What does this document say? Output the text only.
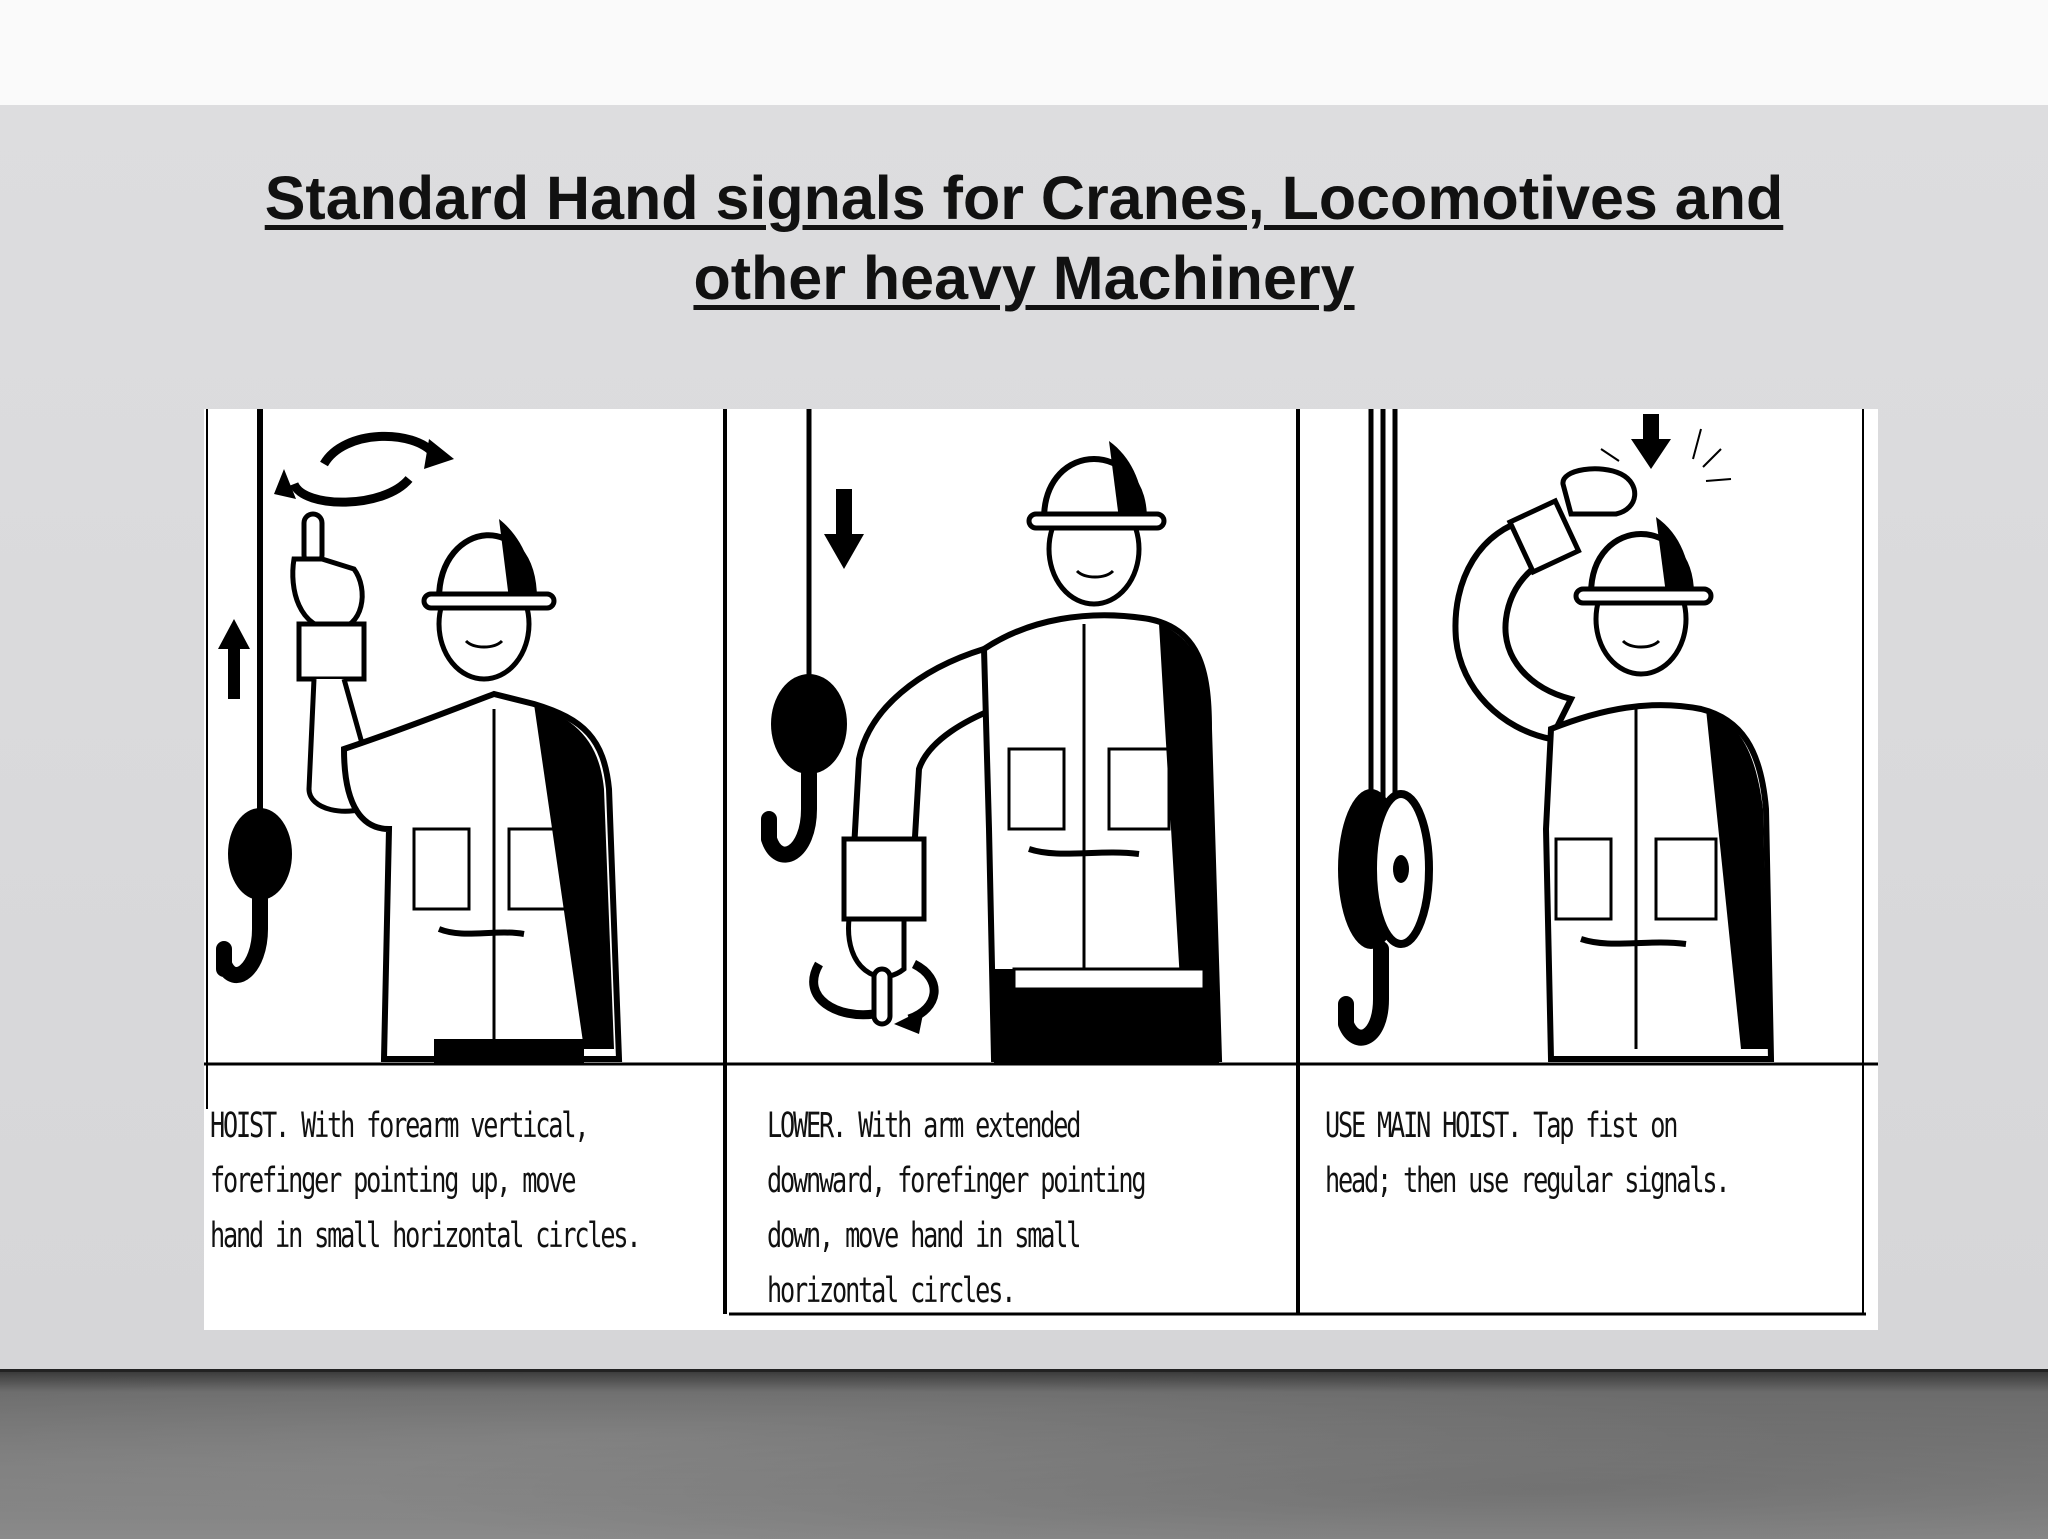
Standard Hand signals for Cranes, Locomotives and
other heavy Machinery
HOIST. With forearm vertical,
forefinger pointing up, move
hand in small horizontal circles.
LOWER. With arm extended
downward, forefinger pointing
down, move hand in small
horizontal circles.
USE MAIN HOIST. Tap fist on
head; then use regular signals.
